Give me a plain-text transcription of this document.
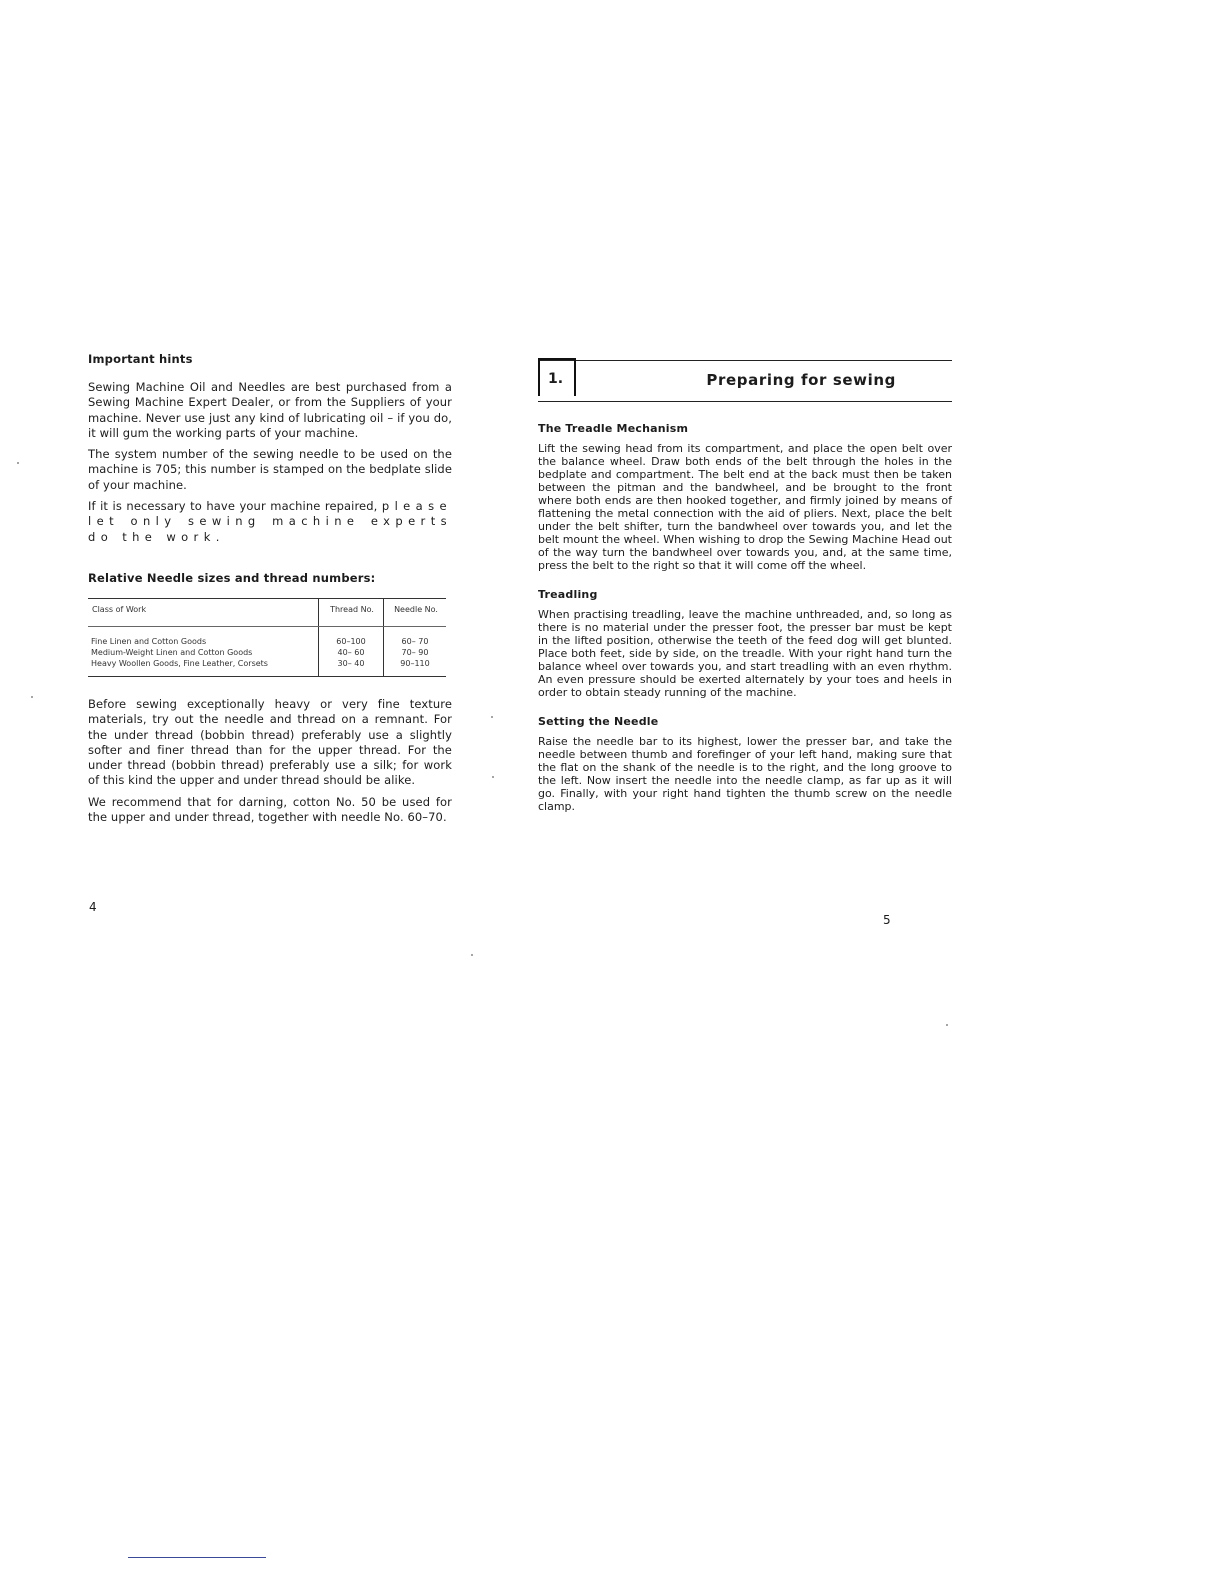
Important hints

Sewing Machine Oil and Needles are best purchased from a Sewing Machine Expert Dealer, or from the Suppliers of your machine. Never use just any kind of lubricating oil – if you do, it will gum the working parts of your machine.

The system number of the sewing needle to be used on the machine is 705; this number is stamped on the bedplate slide of your machine.

If it is necessary to have your machine repaired, please let only sewing machine experts do the work.

Relative Needle sizes and thread numbers:

Class of Work	Thread No.	Needle No.
Fine Linen and Cotton Goods	60–100	60– 70
Medium-Weight Linen and Cotton Goods	40– 60	70– 90
Heavy Woollen Goods, Fine Leather, Corsets	30– 40	90–110

Before sewing exceptionally heavy or very fine texture materials, try out the needle and thread on a remnant. For the under thread (bobbin thread) preferably use a slightly softer and finer thread than for the upper thread. For the under thread (bobbin thread) preferably use a silk; for work of this kind the upper and under thread should be alike.

We recommend that for darning, cotton No. 50 be used for the upper and under thread, together with needle No. 60–70.

4
1.	Preparing for sewing

The Treadle Mechanism

Lift the sewing head from its compartment, and place the open belt over the balance wheel. Draw both ends of the belt through the holes in the bedplate and compartment. The belt end at the back must then be taken between the pitman and the bandwheel, and be brought to the front where both ends are then hooked together, and firmly joined by means of flattening the metal connection with the aid of pliers. Next, place the belt under the belt shifter, turn the bandwheel over towards you, and let the belt mount the wheel. When wishing to drop the Sewing Machine Head out of the way turn the bandwheel over towards you, and, at the same time, press the belt to the right so that it will come off the wheel.

Treadling

When practising treadling, leave the machine unthreaded, and, so long as there is no material under the presser foot, the presser bar must be kept in the lifted position, otherwise the teeth of the feed dog will get blunted. Place both feet, side by side, on the treadle. With your right hand turn the balance wheel over towards you, and start treadling with an even rhythm. An even pressure should be exerted alternately by your toes and heels in order to obtain steady running of the machine.

Setting the Needle

Raise the needle bar to its highest, lower the presser bar, and take the needle between thumb and forefinger of your left hand, making sure that the flat on the shank of the needle is to the right, and the long groove to the left. Now insert the needle into the needle clamp, as far up as it will go. Finally, with your right hand tighten the thumb screw on the needle clamp.

5
